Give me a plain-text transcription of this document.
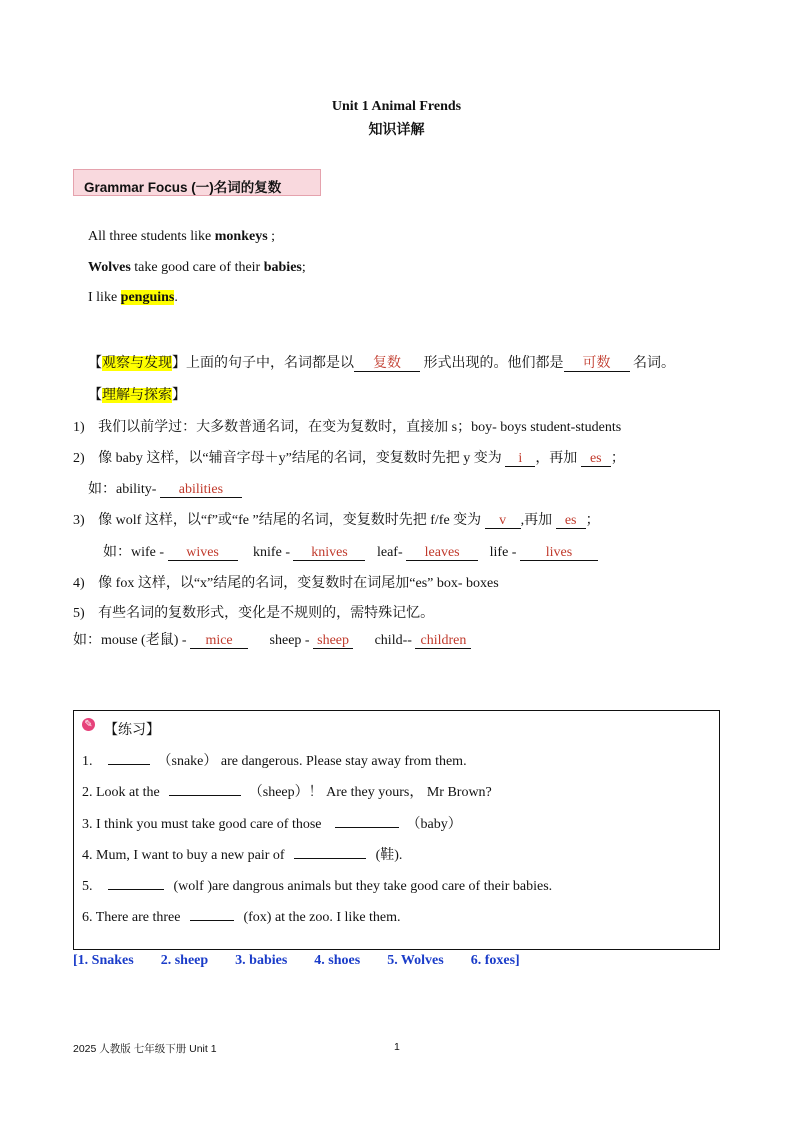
Unit 1 Animal Frends
知识详解
Grammar Focus (一)名词的复数
All three students like monkeys ;
Wolves take good care of their babies;
I like penguins.
【观察与发现】上面的句子中，名词都是以 复数 形式出现的。他们都是 可数 名词。
【理解与探索】
1) 我们以前学过：大多数普通名词，在变为复数时，直接加 s；boy- boys student-students
2) 像 baby 这样，以“辅音字母＋y”结尾的名词，变复数时先把 y 变为 i ，再加 es ；
如：ability- abilities
3) 像 wolf 这样，以“f”或“fe ”结尾的名词，变复数时先把 f/fe 变为 v ,再加 es ；
如：wife - wives knife - knives leaf- leaves life - lives
4) 像 fox 这样，以“x”结尾的名词，变复数时在词尾加“es” box- boxes
5) 有些名词的复数形式，变化是不规则的，需特殊记忆。
如：mouse (老鼠) - mice	sheep - sheep child-- children
✎ 【练习】
1.	（snake） are dangerous. Please stay away from them.
2. Look at the	（sheep）！ Are they yours， Mr Brown?
3. I think you must take good care of those	（baby）
4. Mum, I want to buy a new pair of	(鞋).
5.	(wolf )are dangrous animals but they take good care of their babies.
6. There are three	(fox) at the zoo. I like them.
[1. Snakes 2. sheep 3. babies 4. shoes 5. Wolves 6. foxes]
2025 人教版 七年级下册 Unit 1	1
